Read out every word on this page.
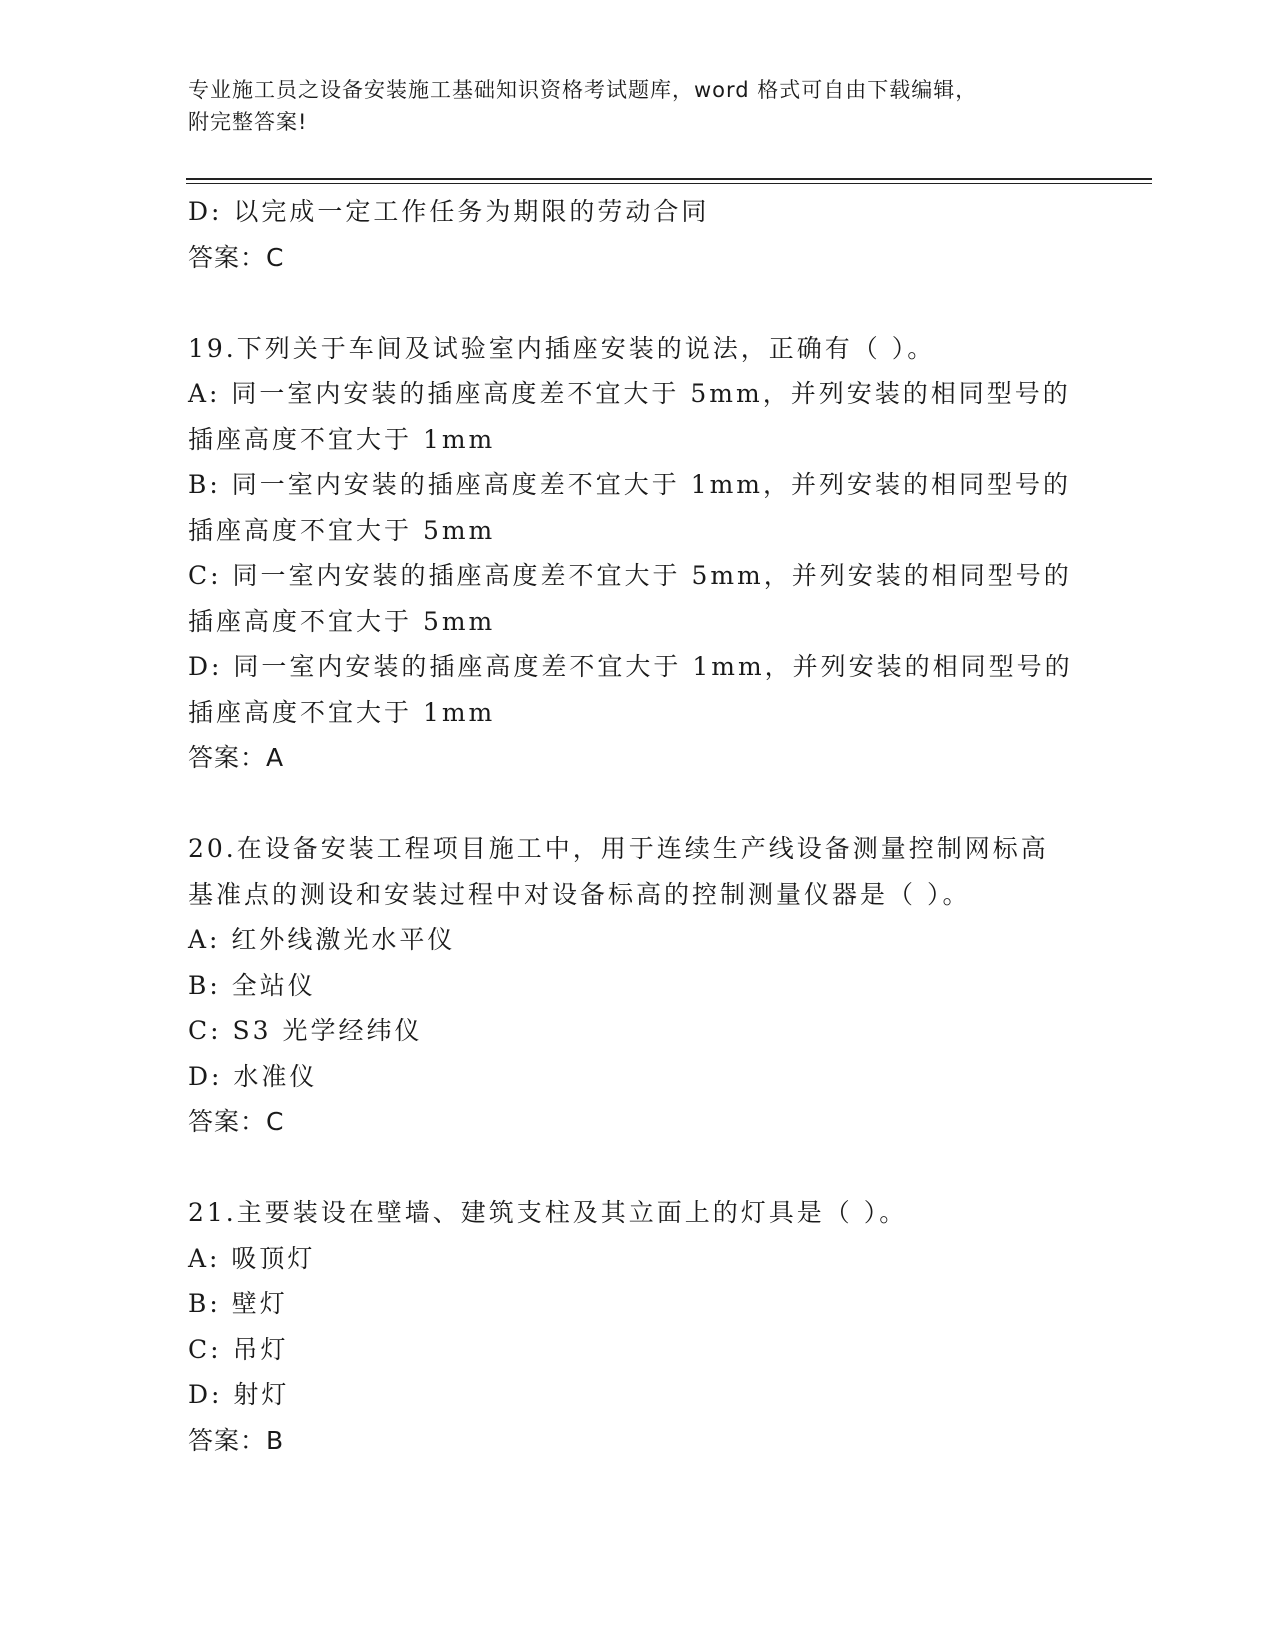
专业施工员之设备安装施工基础知识资格考试题库，word 格式可自由下载编辑，
附完整答案!
D: 以完成一定工作任务为期限的劳动合同
答案：C
19.下列关于车间及试验室内插座安装的说法，正确有（ ）。
A: 同一室内安装的插座高度差不宜大于 5mm，并列安装的相同型号的
插座高度不宜大于 1mm
B: 同一室内安装的插座高度差不宜大于 1mm，并列安装的相同型号的
插座高度不宜大于 5mm
C: 同一室内安装的插座高度差不宜大于 5mm，并列安装的相同型号的
插座高度不宜大于 5mm
D: 同一室内安装的插座高度差不宜大于 1mm，并列安装的相同型号的
插座高度不宜大于 1mm
答案：A
20.在设备安装工程项目施工中，用于连续生产线设备测量控制网标高
基准点的测设和安装过程中对设备标高的控制测量仪器是（ ）。
A: 红外线激光水平仪
B: 全站仪
C: S3 光学经纬仪
D: 水准仪
答案：C
21.主要装设在壁墙、建筑支柱及其立面上的灯具是（ ）。
A: 吸顶灯
B: 壁灯
C: 吊灯
D: 射灯
答案：B
